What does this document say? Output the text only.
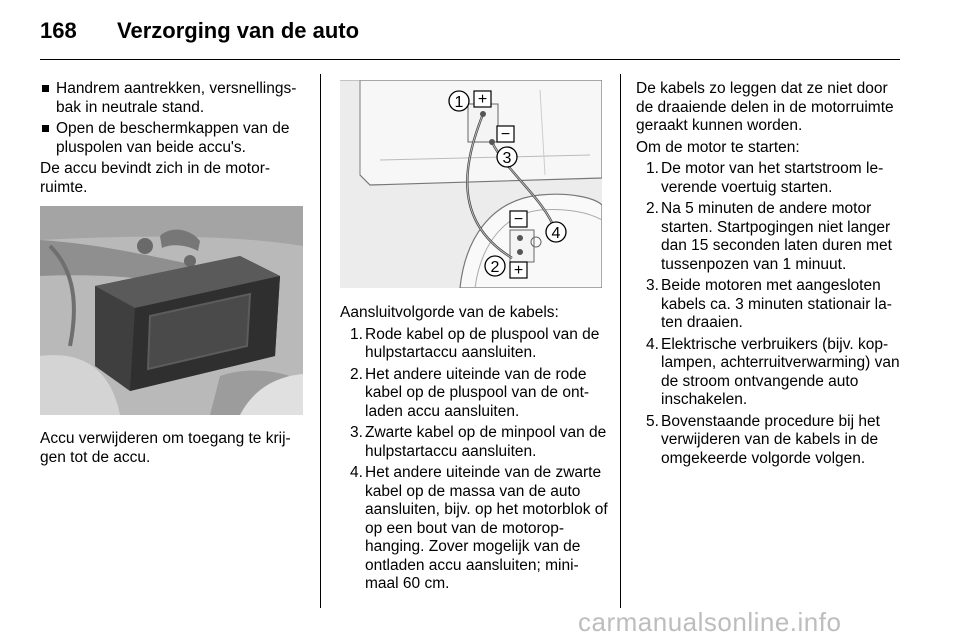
168 Verzorging van de auto

Handrem aantrekken, versnellings-bak in neutrale stand.

Open de beschermkappen van de pluspolen van beide accu's.

De accu bevindt zich in de motor-ruimte.

Accu verwijderen om toegang te krij-gen tot de accu.

1
3
4
2
+
−
−
+

Aansluitvolgorde van de kabels:

1. Rode kabel op de pluspool van de hulpstartaccu aansluiten.

2. Het andere uiteinde van de rode kabel op de pluspool van de ont-laden accu aansluiten.

3. Zwarte kabel op de minpool van de hulpstartaccu aansluiten.

4. Het andere uiteinde van de zwarte kabel op de massa van de auto aansluiten, bijv. op het motorblok of op een bout van de motorop-hanging. Zover mogelijk van de ontladen accu aansluiten; mini-maal 60 cm.

De kabels zo leggen dat ze niet door de draaiende delen in de motorruimte geraakt kunnen worden.

Om de motor te starten:

1. De motor van het startstroom le-verende voertuig starten.

2. Na 5 minuten de andere motor starten. Startpogingen niet langer dan 15 seconden laten duren met tussenpozen van 1 minuut.

3. Beide motoren met aangesloten kabels ca. 3 minuten stationair la-ten draaien.

4. Elektrische verbruikers (bijv. kop-lampen, achterruitverwarming) van de stroom ontvangende auto inschakelen.

5. Bovenstaande procedure bij het verwijderen van de kabels in de omgekeerde volgorde volgen.

carmanualsonline.info
